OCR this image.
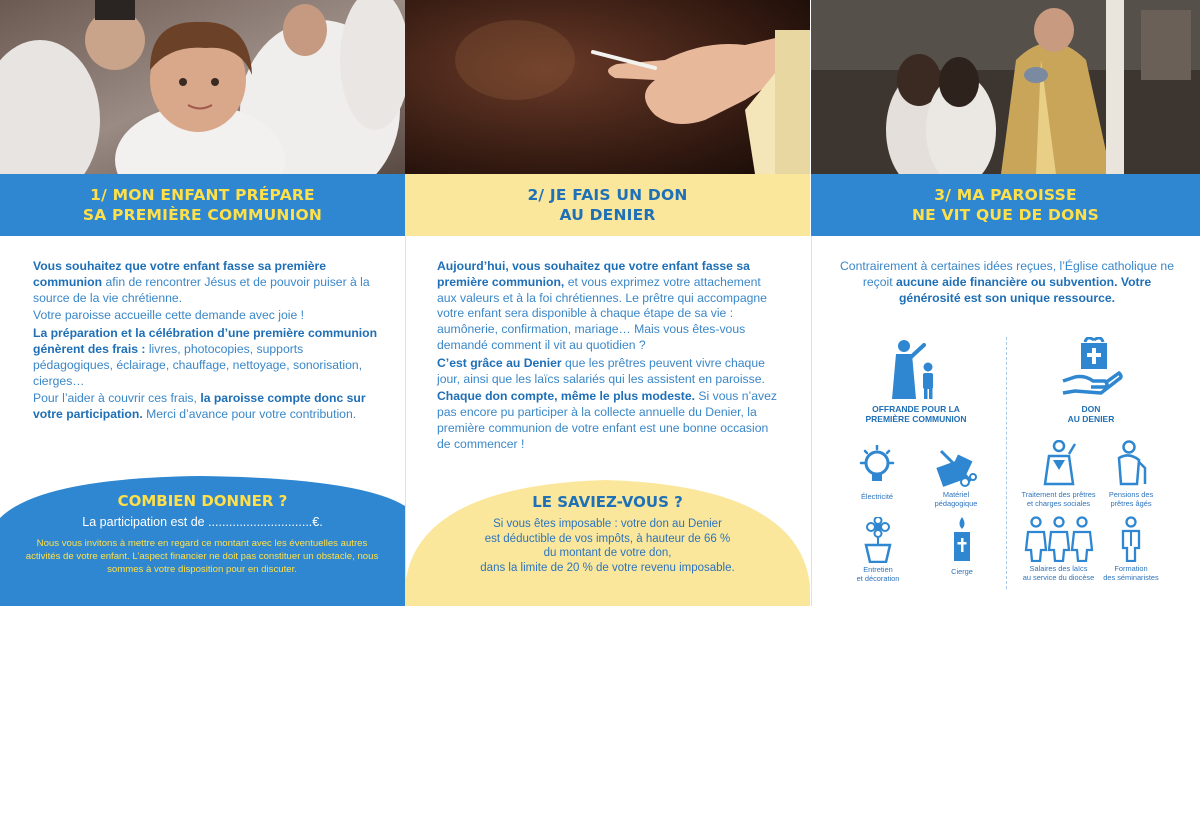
1/ MON ENFANT PRÉPARE
SA PREMIÈRE COMMUNION

Vous souhaitez que votre enfant fasse sa première communion afin de rencontrer Jésus et de pouvoir puiser à la source de la vie chrétienne.

Votre paroisse accueille cette demande avec joie !

La préparation et la célébration d’une première communion génèrent des frais : livres, photocopies, supports pédagogiques, éclairage, chauffage, nettoyage, sonorisation, cierges…

Pour l’aider à couvrir ces frais, la paroisse compte donc sur votre participation. Merci d’avance pour votre contribution.

COMBIEN DONNER ?
La participation est de ..............................€.
Nous vous invitons à mettre en regard ce montant avec les éventuelles autres activités de votre enfant. L’aspect financier ne doit pas constituer un obstacle, nous sommes à votre disposition pour en discuter.
2/ JE FAIS UN DON
AU DENIER

Aujourd’hui, vous souhaitez que votre enfant fasse sa première communion, et vous exprimez votre attachement aux valeurs et à la foi chrétiennes. Le prêtre qui accompagne votre enfant sera disponible à chaque étape de sa vie : aumônerie, confirmation, mariage… Mais vous êtes-vous demandé comment il vit au quotidien ?

C’est grâce au Denier que les prêtres peuvent vivre chaque jour, ainsi que les laïcs salariés qui les assistent en paroisse.

Chaque don compte, même le plus modeste. Si vous n’avez pas encore pu participer à la collecte annuelle du Denier, la première communion de votre enfant est une bonne occasion de commencer !

LE SAVIEZ-VOUS ?
Si vous êtes imposable : votre don au Denier
est déductible de vos impôts, à hauteur de 66 %
du montant de votre don,
dans la limite de 20 % de votre revenu imposable.
3/ MA PAROISSE
NE VIT QUE DE DONS

Contrairement à certaines idées reçues, l’Église catholique ne reçoit aucune aide financière ou subvention. Votre générosité est son unique ressource.

OFFRANDE POUR LA
PREMIÈRE COMMUNION
DON
AU DENIER
Électricité	Matériel
pédagogique
Traitement des prêtres
et charges sociales
Pensions des
prêtres âgés
Entretien
et décoration
Cierge	Salaires des laïcs
au service du diocèse
Formation
des séminaristes
